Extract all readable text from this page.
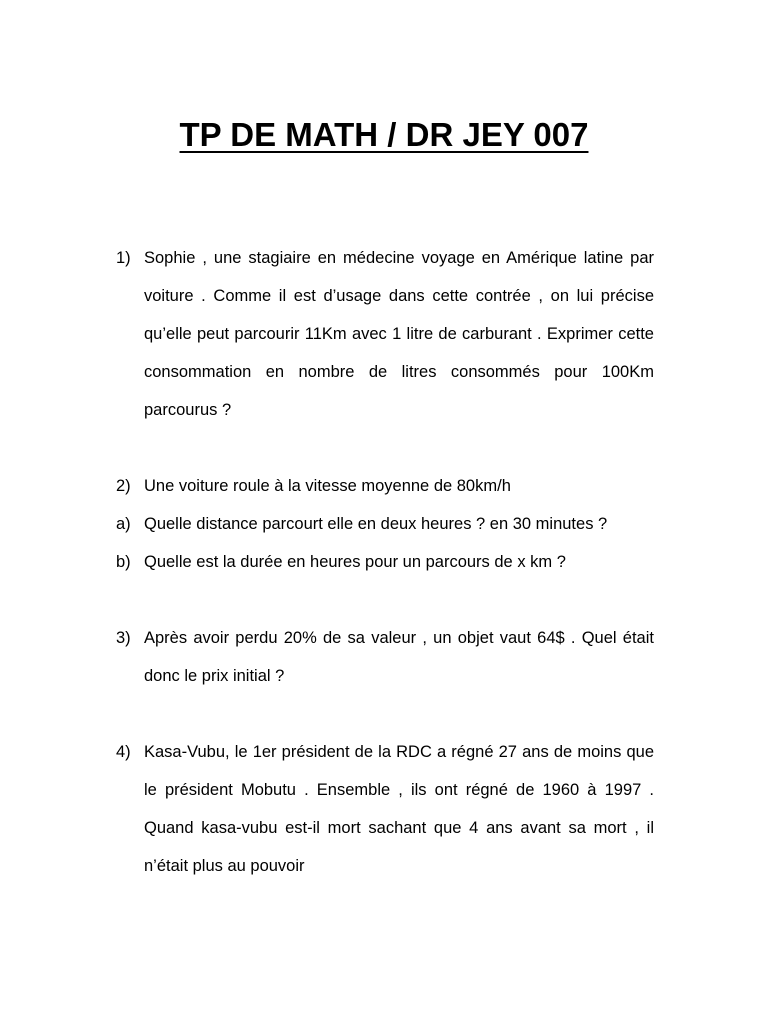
TP DE MATH / DR JEY 007
1) Sophie , une stagiaire en médecine voyage en Amérique latine par voiture . Comme il est d’usage dans cette contrée , on lui précise qu’elle peut parcourir 11Km avec 1 litre de carburant . Exprimer cette consommation en nombre de litres consommés pour 100Km parcourus ?
2) Une voiture roule à la vitesse moyenne de 80km/h
a) Quelle distance parcourt elle en deux heures ? en 30 minutes ?
b) Quelle est la durée en heures pour un parcours de x km ?
3) Après avoir perdu 20% de sa valeur , un objet vaut 64$ . Quel était donc le prix initial ?
4) Kasa-Vubu, le 1er président de la RDC a régné 27 ans de moins que le président Mobutu . Ensemble , ils ont régné de 1960 à 1997 . Quand kasa-vubu est-il mort sachant que 4 ans avant sa mort , il n’était plus au pouvoir
